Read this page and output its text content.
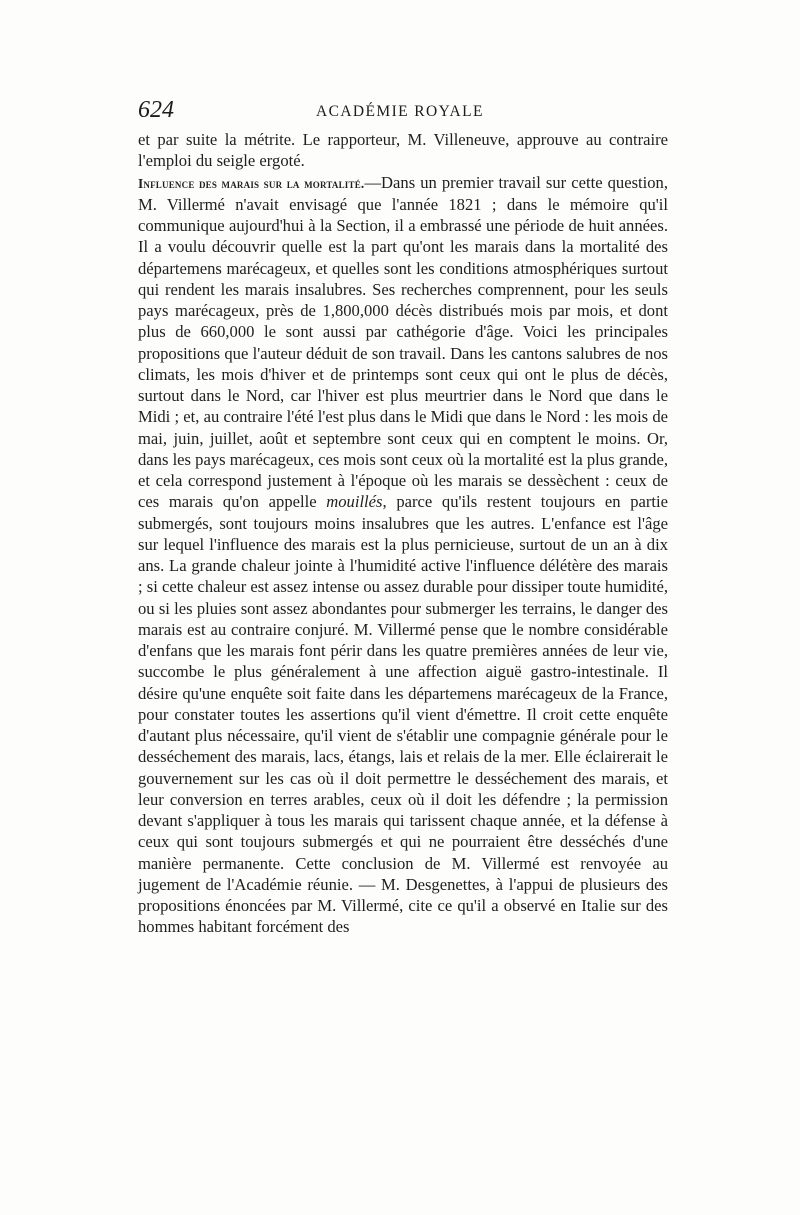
624	ACADÉMIE ROYALE

et par suite la métrite. Le rapporteur, M. Villeneuve, approuve au contraire l'emploi du seigle ergoté.

Influence des marais sur la mortalité.—Dans un premier travail sur cette question, M. Villermé n'avait envisagé que l'année 1821 ; dans le mémoire qu'il communique aujourd'hui à la Section, il a embrassé une période de huit années. Il a voulu découvrir quelle est la part qu'ont les marais dans la mortalité des départemens marécageux, et quelles sont les conditions atmosphériques surtout qui rendent les marais insalubres. Ses recherches comprennent, pour les seuls pays marécageux, près de 1,800,000 décès distribués mois par mois, et dont plus de 660,000 le sont aussi par cathégorie d'âge. Voici les principales propositions que l'auteur déduit de son travail. Dans les cantons salubres de nos climats, les mois d'hiver et de printemps sont ceux qui ont le plus de décès, surtout dans le Nord, car l'hiver est plus meurtrier dans le Nord que dans le Midi ; et, au contraire l'été l'est plus dans le Midi que dans le Nord : les mois de mai, juin, juillet, août et septembre sont ceux qui en comptent le moins. Or, dans les pays marécageux, ces mois sont ceux où la mortalité est la plus grande, et cela correspond justement à l'époque où les marais se dessèchent : ceux de ces marais qu'on appelle mouillés, parce qu'ils restent toujours en partie submergés, sont toujours moins insalubres que les autres. L'enfance est l'âge sur lequel l'influence des marais est la plus pernicieuse, surtout de un an à dix ans. La grande chaleur jointe à l'humidité active l'influence délétère des marais ; si cette chaleur est assez intense ou assez durable pour dissiper toute humidité, ou si les pluies sont assez abondantes pour submerger les terrains, le danger des marais est au contraire conjuré. M. Villermé pense que le nombre considérable d'enfans que les marais font périr dans les quatre premières années de leur vie, succombe le plus généralement à une affection aiguë gastro-intestinale. Il désire qu'une enquête soit faite dans les départemens marécageux de la France, pour constater toutes les assertions qu'il vient d'émettre. Il croit cette enquête d'autant plus nécessaire, qu'il vient de s'établir une compagnie générale pour le desséchement des marais, lacs, étangs, lais et relais de la mer. Elle éclairerait le gouvernement sur les cas où il doit permettre le desséchement des marais, et leur conversion en terres arables, ceux où il doit les défendre ; la permission devant s'appliquer à tous les marais qui tarissent chaque année, et la défense à ceux qui sont toujours submergés et qui ne pourraient être desséchés d'une manière permanente. Cette conclusion de M. Villermé est renvoyée au jugement de l'Académie réunie. — M. Desgenettes, à l'appui de plusieurs des propositions énoncées par M. Villermé, cite ce qu'il a observé en Italie sur des hommes habitant forcément des
